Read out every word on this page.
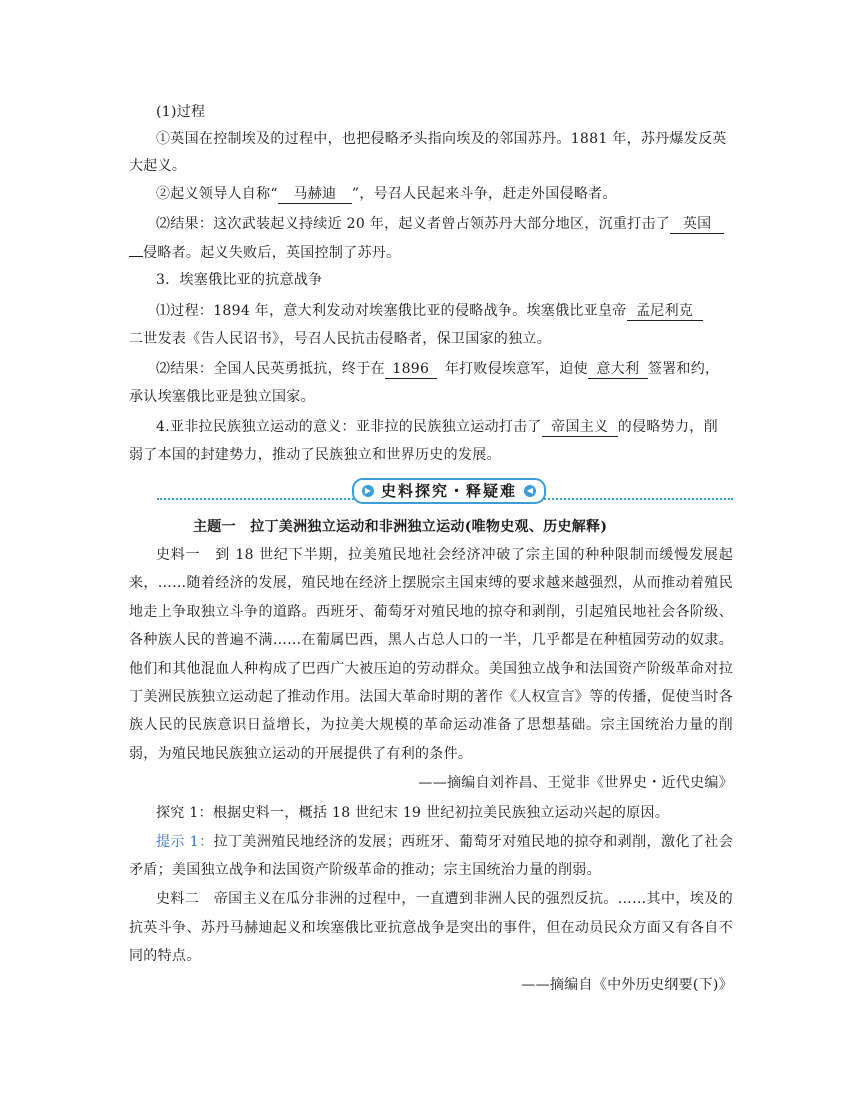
(1)过程
①英国在控制埃及的过程中，也把侵略矛头指向埃及的邻国苏丹。1881 年，苏丹爆发反英
大起义。
②起义领导人自称“ 马赫迪 ”，号召人民起来斗争，赶走外国侵略者。
⑵结果：这次武装起义持续近 20 年，起义者曾占领苏丹大部分地区，沉重打击了 英国
侵略者。起义失败后，英国控制了苏丹。
3．埃塞俄比亚的抗意战争
⑴过程：1894 年，意大利发动对埃塞俄比亚的侵略战争。埃塞俄比亚皇帝 孟尼利克
二世发表《告人民诏书》，号召人民抗击侵略者，保卫国家的独立。
⑵结果：全国人民英勇抵抗，终于在 1896 年打败侵埃意军，迫使 意大利 签署和约，
承认埃塞俄比亚是独立国家。
4.亚非拉民族独立运动的意义：亚非拉的民族独立运动打击了 帝国主义 的侵略势力，削
弱了本国的封建势力，推动了民族独立和世界历史的发展。
▶ 史料探究・释疑难	◀
主题一　拉丁美洲独立运动和非洲独立运动(唯物史观、历史解释)
史料一　到 18 世纪下半期，拉美殖民地社会经济冲破了宗主国的种种限制而缓慢发展起来，……随着经济的发展，殖民地在经济上摆脱宗主国束缚的要求越来越强烈，从而推动着殖民地走上争取独立斗争的道路。西班牙、葡萄牙对殖民地的掠夺和剥削，引起殖民地社会各阶级、各种族人民的普遍不满……在葡属巴西，黑人占总人口的一半，几乎都是在种植园劳动的奴隶。他们和其他混血人种构成了巴西广大被压迫的劳动群众。美国独立战争和法国资产阶级革命对拉丁美洲民族独立运动起了推动作用。法国大革命时期的著作《人权宣言》等的传播，促使当时各族人民的民族意识日益增长，为拉美大规模的革命运动准备了思想基础。宗主国统治力量的削弱，为殖民地民族独立运动的开展提供了有利的条件。
——摘编自刘祚昌、王觉非《世界史・近代史编》
探究 1：根据史料一，概括 18 世纪末 19 世纪初拉美民族独立运动兴起的原因。
提示 1：拉丁美洲殖民地经济的发展；西班牙、葡萄牙对殖民地的掠夺和剥削，激化了社会矛盾；美国独立战争和法国资产阶级革命的推动；宗主国统治力量的削弱。
史料二　帝国主义在瓜分非洲的过程中，一直遭到非洲人民的强烈反抗。……其中，埃及的抗英斗争、苏丹马赫迪起义和埃塞俄比亚抗意战争是突出的事件，但在动员民众方面又有各自不同的特点。
——摘编自《中外历史纲要(下)》
